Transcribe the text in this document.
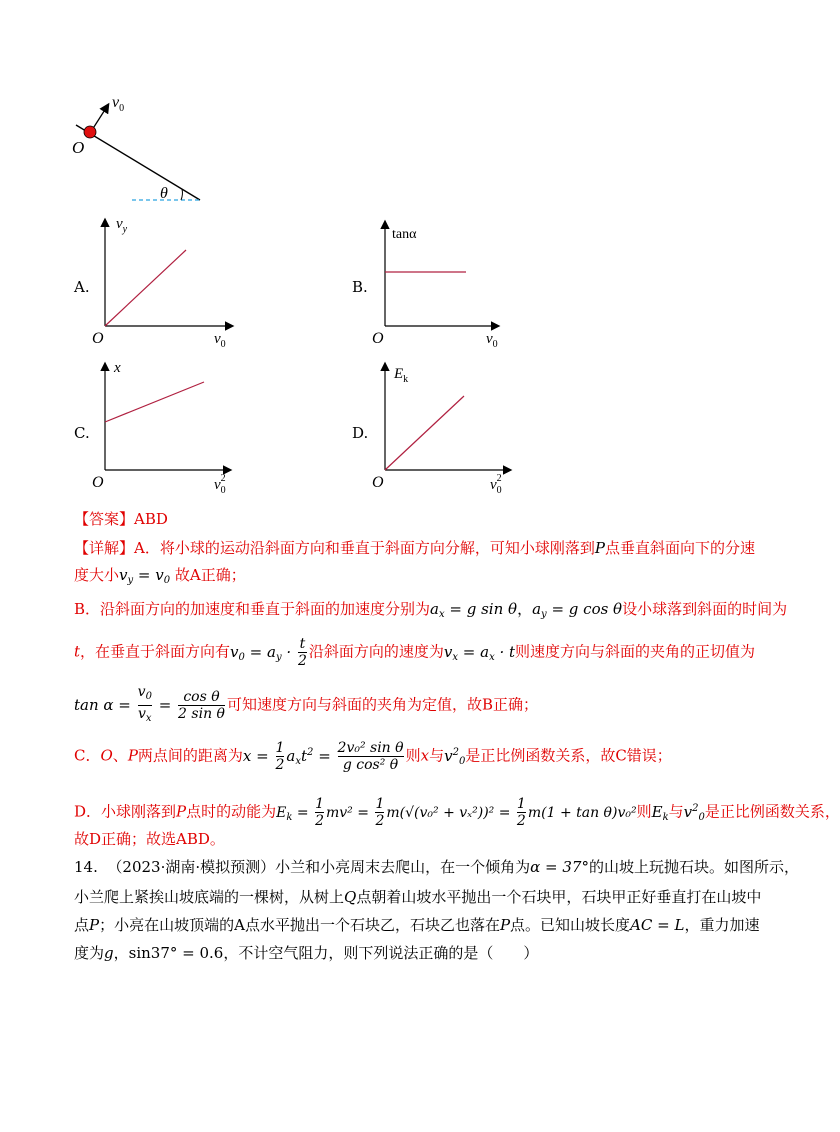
O
$v_0$
θ
A.
$v_y$
$v_0$
O
B.
tanα
$v_0$
O
C.
x
$v^2$ 0
O
D.
$E_k$
$v^2$ 0
O
【答案】ABD
【详解】A．将小球的运动沿斜面方向和垂直于斜面方向分解，可知小球刚落到P点垂直斜面向下的分速
度大小$v_y = v_0$ 故A正确；
B．沿斜面方向的加速度和垂直于斜面的加速度分别为$a_x = g$ sin θ，$a_y = g$ cos θ设小球落到斜面的时间为
t，在垂直于斜面方向有$v_0 = a_y \cdot \frac{t}{2}$ 沿斜面方向的速度为$v_x = a_x \cdot t$则速度方向与斜面的夹角的正切值为
$\tan \alpha = \frac{v_0}{v_x} = \frac{\text{cos θ}}{\text{2 sin θ}}$ 可知速度方向与斜面的夹角为定值，故B正确；
C．O、P两点间的距离为$x = \frac{1}{2} a_xt^2 = \frac{\text{2v₀² sin θ}}{\text{g cos² θ}}$ 则x与$v^2_0$是正比例函数关系，故C错误；
D．小球刚落到P点时的动能为$E_k = \frac{1}{2} mv^2 = \frac{1}{2} m(√(v_0^2 + v_x^2))^2 = \frac{1}{2} m(1 + \tan \theta)v_0^2$则$E_k$与$v^2_0$是正比例函数关系，
故D正确；故选ABD。
14. （2023·湖南·模拟预测）小兰和小亮周末去爬山，在一个倾角为α = 37°的山坡上玩抛石块。如图所示，
小兰爬上紧挨山坡底端的一棵树，从树上Q点朝着山坡水平抛出一个石块甲，石块甲正好垂直打在山坡中
点P；小亮在山坡顶端的A点水平抛出一个石块乙，石块乙也落在P点。已知山坡长度AC = L，重力加速
度为g，sin37° = 0.6，不计空气阻力，则下列说法正确的是（　　）
